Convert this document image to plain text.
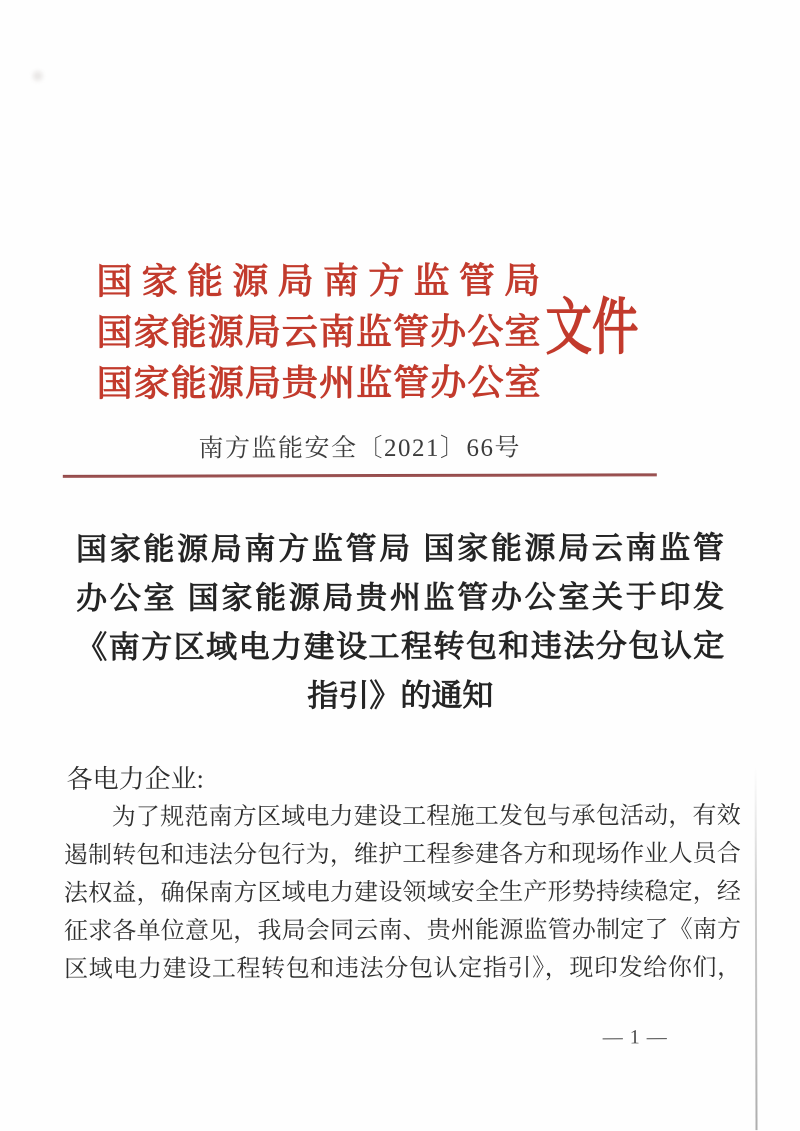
国家能源局南方监管局
国家能源局云南监管办公室
国家能源局贵州监管办公室
文件
南方监能安全〔2021〕66号
国家能源局南方监管局 国家能源局云南监管
办公室 国家能源局贵州监管办公室关于印发
《南方区域电力建设工程转包和违法分包认定
指引》的通知
各电力企业:
为了规范南方区域电力建设工程施工发包与承包活动，有效
遏制转包和违法分包行为，维护工程参建各方和现场作业人员合
法权益，确保南方区域电力建设领域安全生产形势持续稳定，经
征求各单位意见，我局会同云南、贵州能源监管办制定了《南方
区域电力建设工程转包和违法分包认定指引》，现印发给你们，
— 1 —
